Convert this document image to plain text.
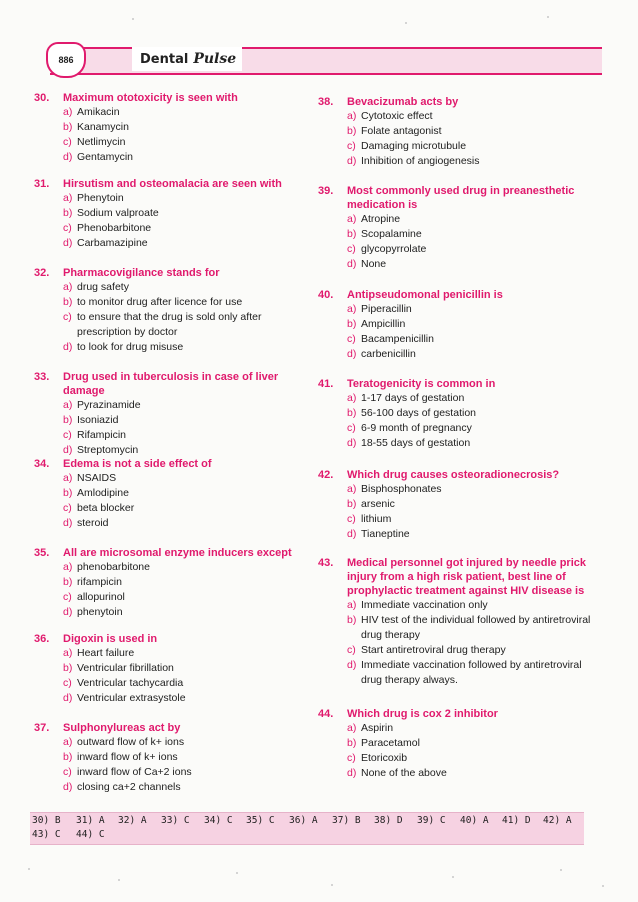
886	Dental Pulse
30.	Maximum ototoxicity is seen with
a) Amikacin
b) Kanamycin
c) Netlimycin
d) Gentamycin
31.	Hirsutism and osteomalacia are seen with
a) Phenytoin
b) Sodium valproate
c) Phenobarbitone
d) Carbamazipine
32.	Pharmacovigilance stands for
a) drug safety
b) to monitor drug after licence for use
c) to ensure that the drug is sold only after prescription by doctor
d) to look for drug misuse
33.	Drug used in tuberculosis in case of liver damage
a) Pyrazinamide
b) Isoniazid
c) Rifampicin
d) Streptomycin
34.	Edema is not a side effect of
a) NSAIDS
b) Amlodipine
c) beta blocker
d) steroid
35.	All are microsomal enzyme inducers except
a) phenobarbitone
b) rifampicin
c) allopurinol
d) phenytoin
36.	Digoxin is used in
a) Heart failure
b) Ventricular fibrillation
c) Ventricular tachycardia
d) Ventricular extrasystole
37.	Sulphonylureas act by
a) outward flow of k+ ions
b) inward flow of k+ ions
c) inward flow of Ca+2 ions
d) closing ca+2 channels
38.	Bevacizumab acts by
a) Cytotoxic effect
b) Folate antagonist
c) Damaging microtubule
d) Inhibition of angiogenesis
39.	Most commonly used drug in preanesthetic medication is
a) Atropine
b) Scopalamine
c) glycopyrrolate
d) None
40.	Antipseudomonal penicillin is
a) Piperacillin
b) Ampicillin
c) Bacampenicillin
d) carbenicillin
41.	Teratogenicity is common in
a) 1-17 days of gestation
b) 56-100 days of gestation
c) 6-9 month of pregnancy
d) 18-55 days of gestation
42.	Which drug causes osteoradionecrosis?
a) Bisphosphonates
b) arsenic
c) lithium
d) Tianeptine
43.	Medical personnel got injured by needle prick injury from a high risk patient, best line of prophylactic treatment against HIV disease is
a) Immediate vaccination only
b) HIV test of the individual followed by antiretroviral drug therapy
c) Start antiretroviral drug therapy
d) Immediate vaccination followed by antiretroviral drug therapy always.
44.	Which drug is cox 2 inhibitor
a) Aspirin
b) Paracetamol
c) Etoricoxib
d) None of the above
30) B 31) A 32) A 33) C 34) C 35) C 36) A 37) B 38) D 39) C 40) A 41) D 42) A
43) C 44) C
